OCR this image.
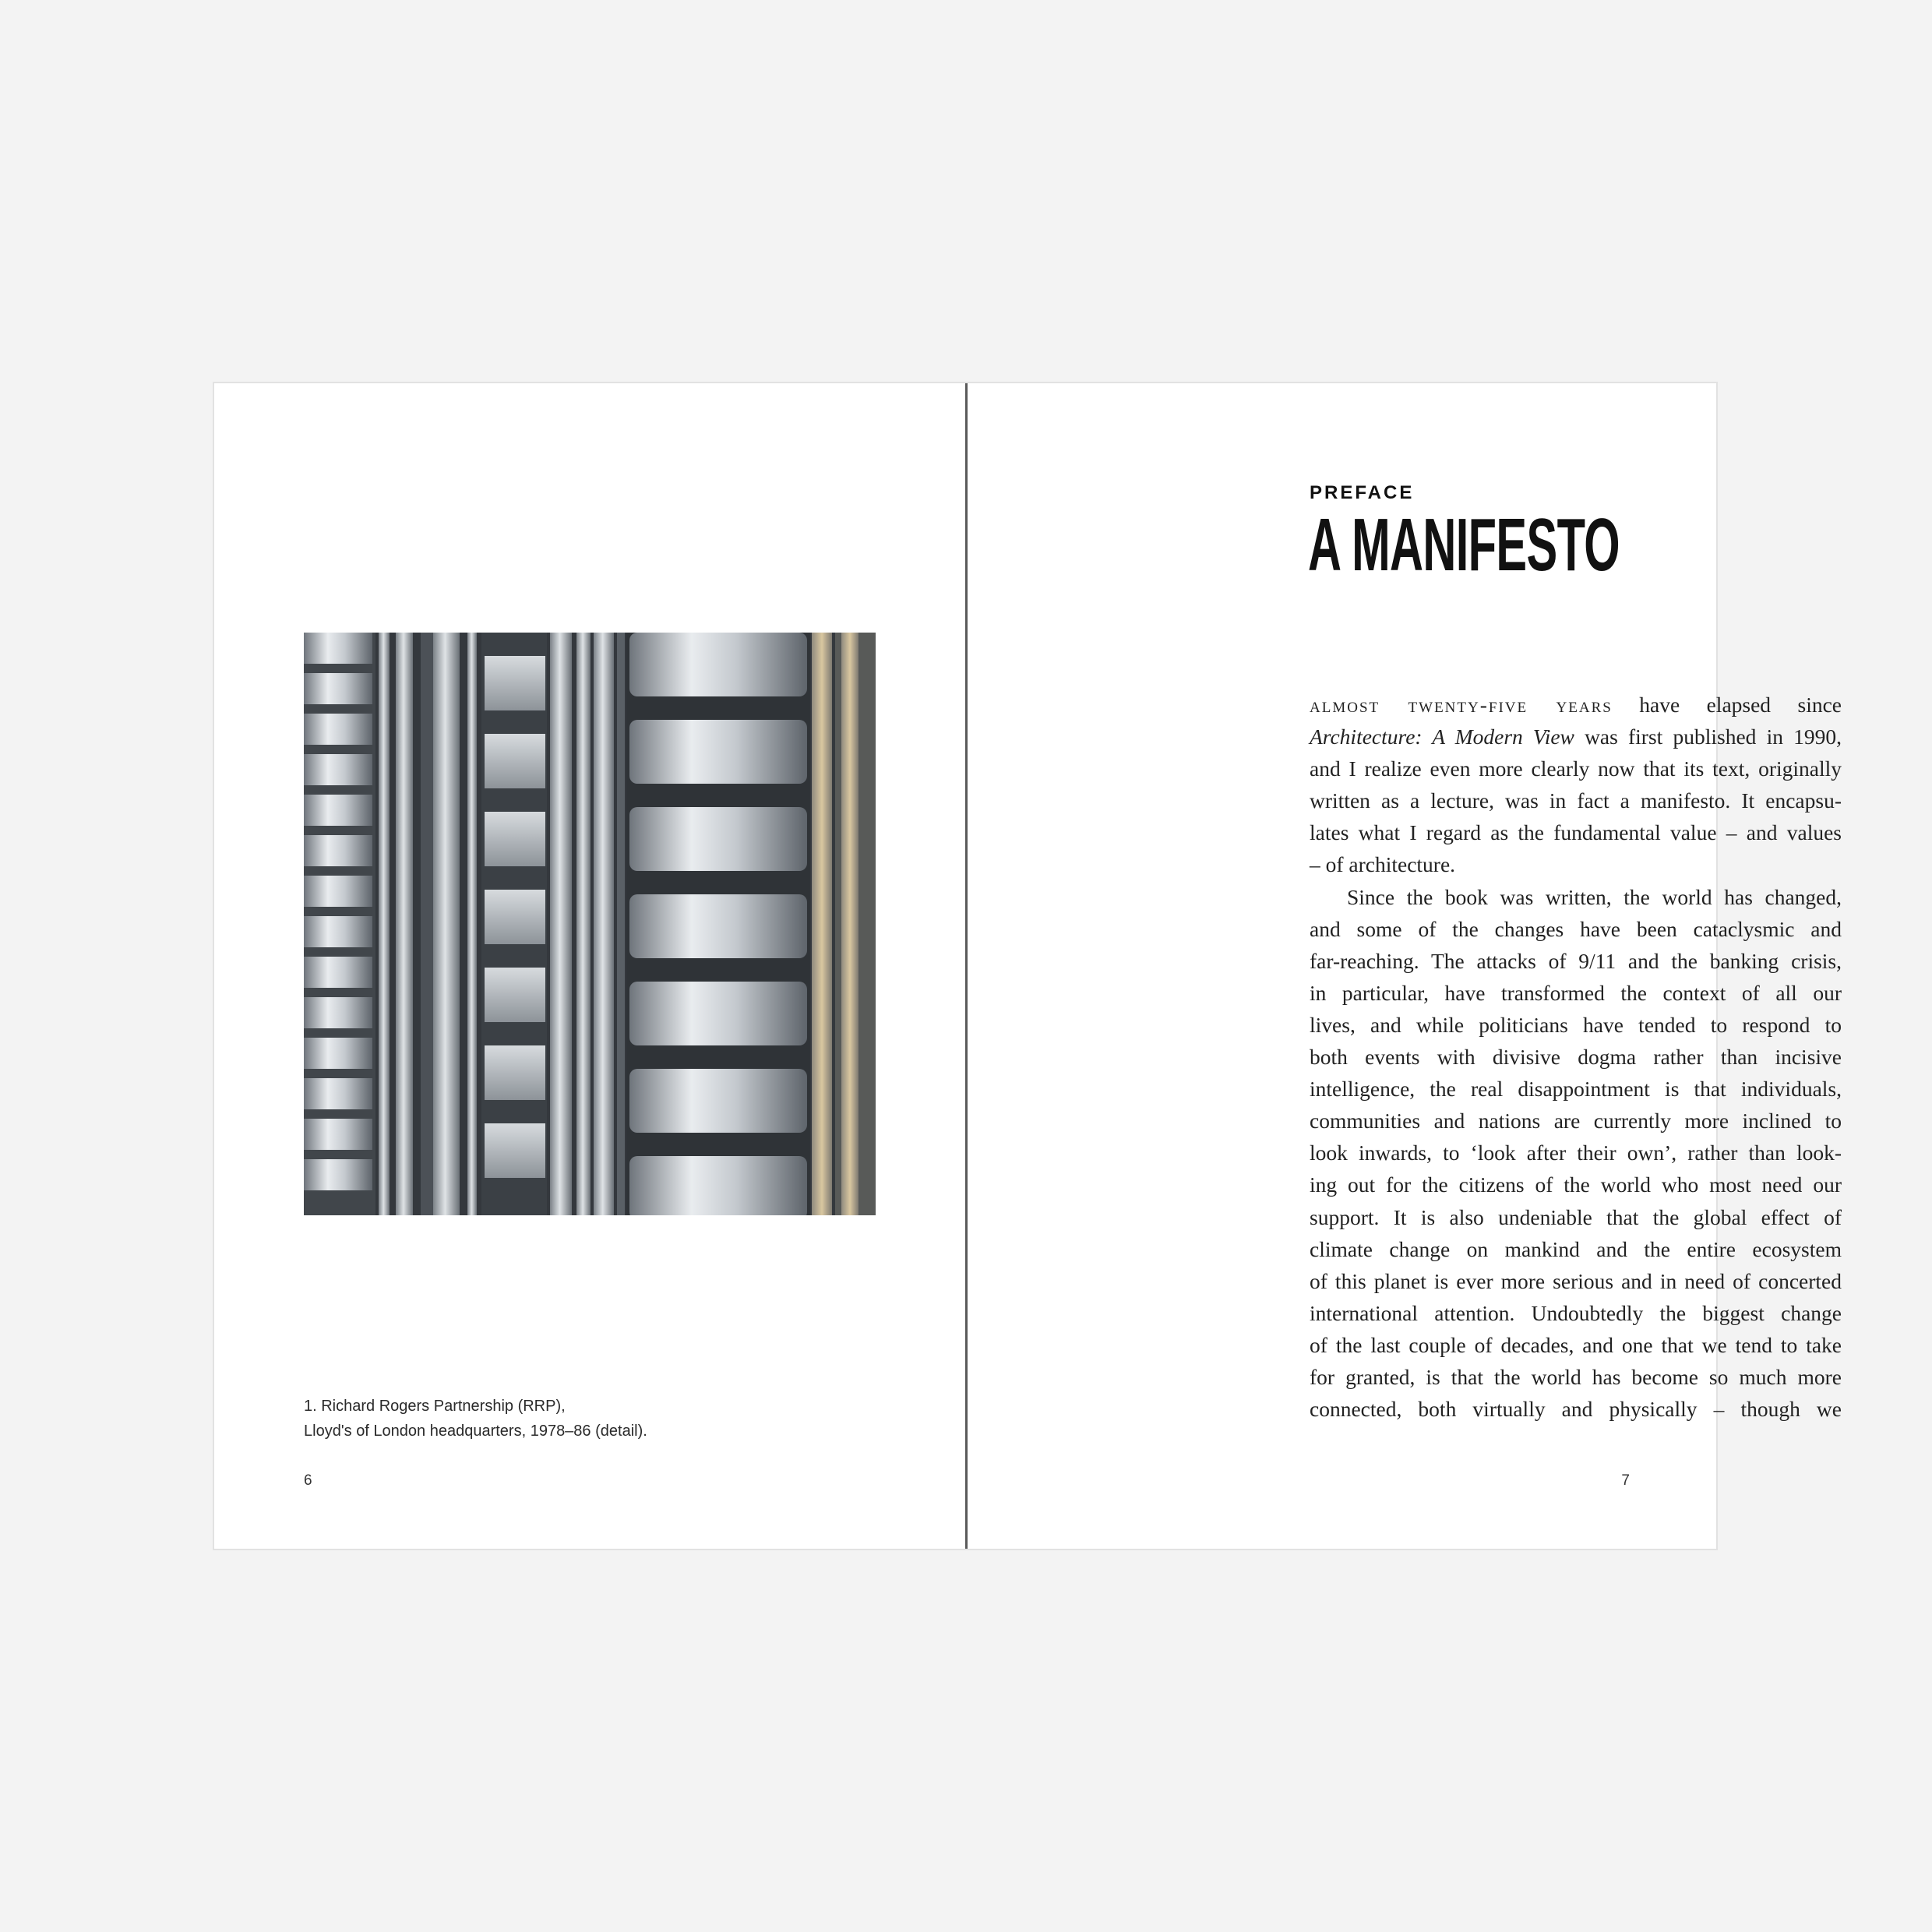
1. Richard Rogers Partnership (RRP),
Lloyd's of London headquarters, 1978–86 (detail).
6
PREFACE
A MANIFESTO
almost twenty-five years have elapsed since
Architecture: A Modern View was first published in 1990,
and I realize even more clearly now that its text, originally
written as a lecture, was in fact a manifesto. It encapsu-
lates what I regard as the fundamental value – and values
– of architecture.
Since the book was written, the world has changed,
and some of the changes have been cataclysmic and
far-reaching. The attacks of 9/11 and the banking crisis,
in particular, have transformed the context of all our
lives, and while politicians have tended to respond to
both events with divisive dogma rather than incisive
intelligence, the real disappointment is that individuals,
communities and nations are currently more inclined to
look inwards, to ‘look after their own’, rather than look-
ing out for the citizens of the world who most need our
support. It is also undeniable that the global effect of
climate change on mankind and the entire ecosystem
of this planet is ever more serious and in need of concerted
international attention. Undoubtedly the biggest change
of the last couple of decades, and one that we tend to take
for granted, is that the world has become so much more
connected, both virtually and physically – though we
7
